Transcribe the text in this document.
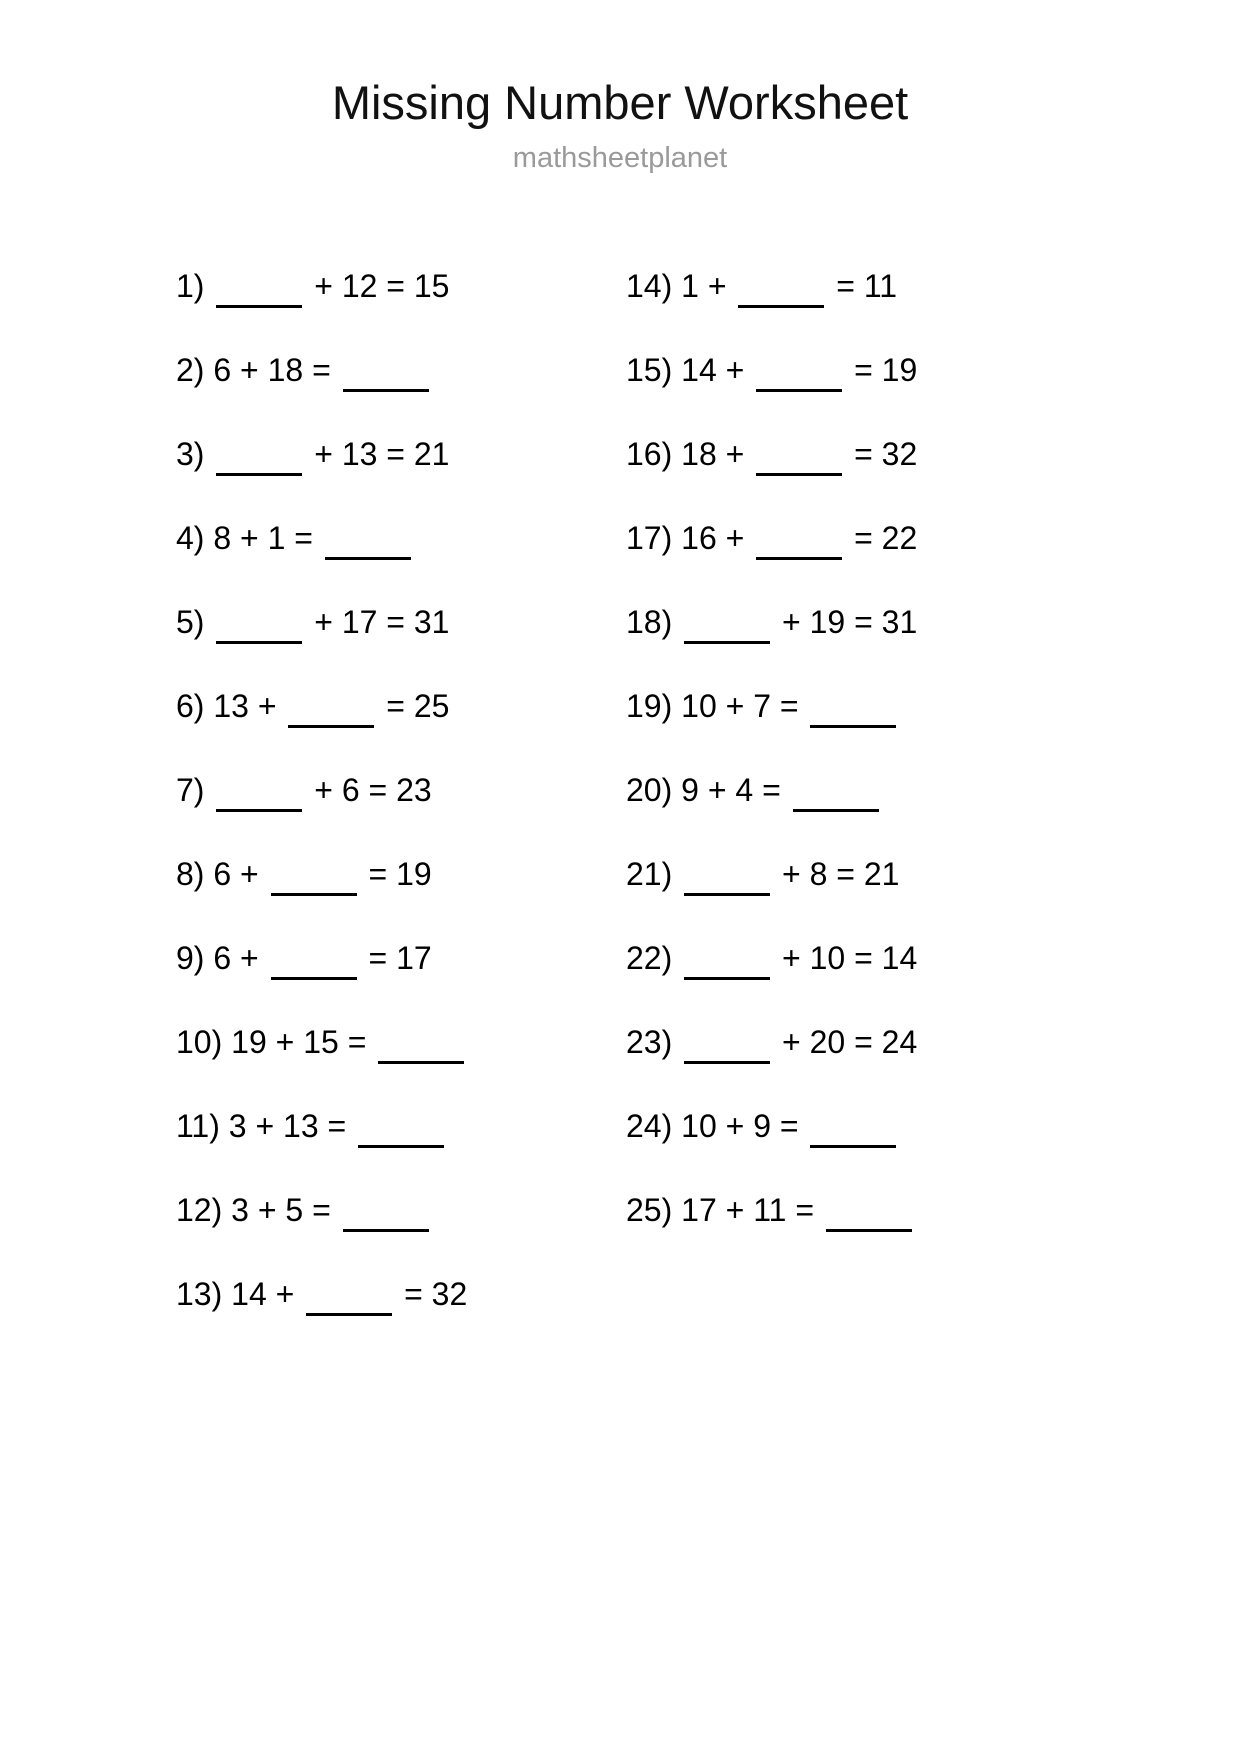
Missing Number Worksheet
mathsheetplanet
1)	+ 12 = 15
2) 6 + 18 =
3)	+ 13 = 21
4) 8 + 1 =
5)	+ 17 = 31
6) 13 +	= 25
7)	+ 6 = 23
8) 6 +	= 19
9) 6 +	= 17
10) 19 + 15 =
11) 3 + 13 =
12) 3 + 5 =
13) 14 +	= 32
14) 1 +	= 11
15) 14 +	= 19
16) 18 +	= 32
17) 16 +	= 22
18)	+ 19 = 31
19) 10 + 7 =
20) 9 + 4 =
21)	+ 8 = 21
22)	+ 10 = 14
23)	+ 20 = 24
24) 10 + 9 =
25) 17 + 11 =
